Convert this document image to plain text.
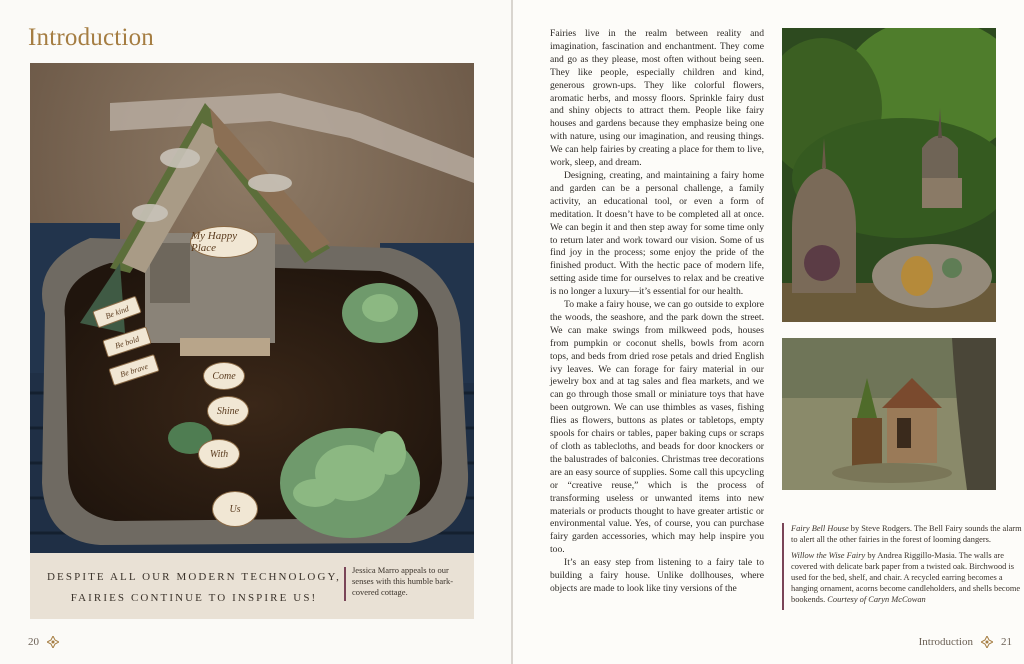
Introduction
My Happy Place
Be kind
Be bold
Be brave	Come
Shine
With
Us
DESPITE ALL OUR MODERN TECHNOLOGY, FAIRIES CONTINUE TO INSPIRE US!
Jessica Marro appeals to our senses with this humble bark-covered cottage.
20

Fairies live in the realm between reality and imagination, fascination and enchantment. They come and go as they please, most often without being seen. They like people, especially children and kind, generous grown-ups. They like colorful flowers, aromatic herbs, and mossy floors. Sprinkle fairy dust and shiny objects to attract them. People like fairy houses and gardens because they emphasize being one with nature, using our imagination, and reusing things. We can help fairies by creating a place for them to live, work, sleep, and dream.

Designing, creating, and maintaining a fairy home and garden can be a personal challenge, a family activity, an educational tool, or even a form of meditation. It doesn’t have to be completed all at once. We can begin it and then step away for some time only to return later and work toward our vision. Some of us find joy in the process; some enjoy the pride of the finished product. With the hectic pace of modern life, setting aside time for ourselves to relax and be creative is no longer a luxury—it’s essential for our health.

To make a fairy house, we can go outside to explore the woods, the seashore, and the park down the street. We can make swings from milkweed pods, houses from pumpkin or coconut shells, bowls from acorn tops, and beds from dried rose petals and dried English ivy leaves. We can forage for fairy material in our jewelry box and at tag sales and flea markets, and we can go through those small or miniature toys that have been outgrown. We can use thimbles as vases, fishing flies as flowers, buttons as plates or tabletops, empty spools for chairs or tables, paper baking cups or scraps of cloth as tablecloths, and beads for door knockers or the balustrades of balconies. Christmas tree decorations are an easy source of supplies. Some call this upcycling or “creative reuse,” which is the process of transforming useless or unwanted items into new materials or products thought to have greater artistic or environmental value. Yes, of course, you can purchase fairy garden accessories, which may help inspire you too.

It’s an easy step from listening to a fairy tale to building a fairy house. Unlike dollhouses, where objects are made to look like tiny versions of the

Fairy Bell House by Steve Rodgers. The Bell Fairy sounds the alarm to alert all the other fairies in the forest of looming dangers.

Willow the Wise Fairy by Andrea Riggillo-Masia. The walls are covered with delicate bark paper from a twisted oak. Birchwood is used for the bed, shelf, and chair. A recycled earring becomes a hanging ornament, acorns become candleholders, and shells become bookends. Courtesy of Caryn McCowan

Introduction	21
